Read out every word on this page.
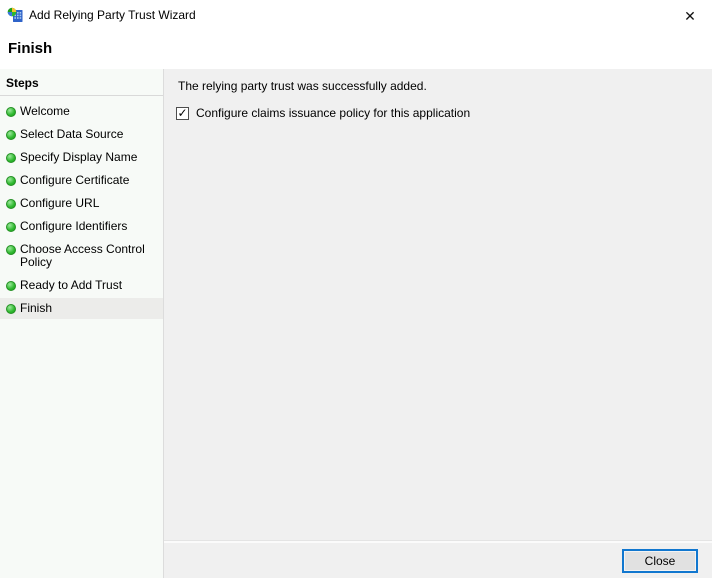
Add Relying Party Trust Wizard	✕
Finish
Steps
Welcome
Select Data Source
Specify Display Name
Configure Certificate
Configure URL
Configure Identifiers
Choose Access Control Policy
Ready to Add Trust
Finish
The relying party trust was successfully added.
✓ Configure claims issuance policy for this application
Close
